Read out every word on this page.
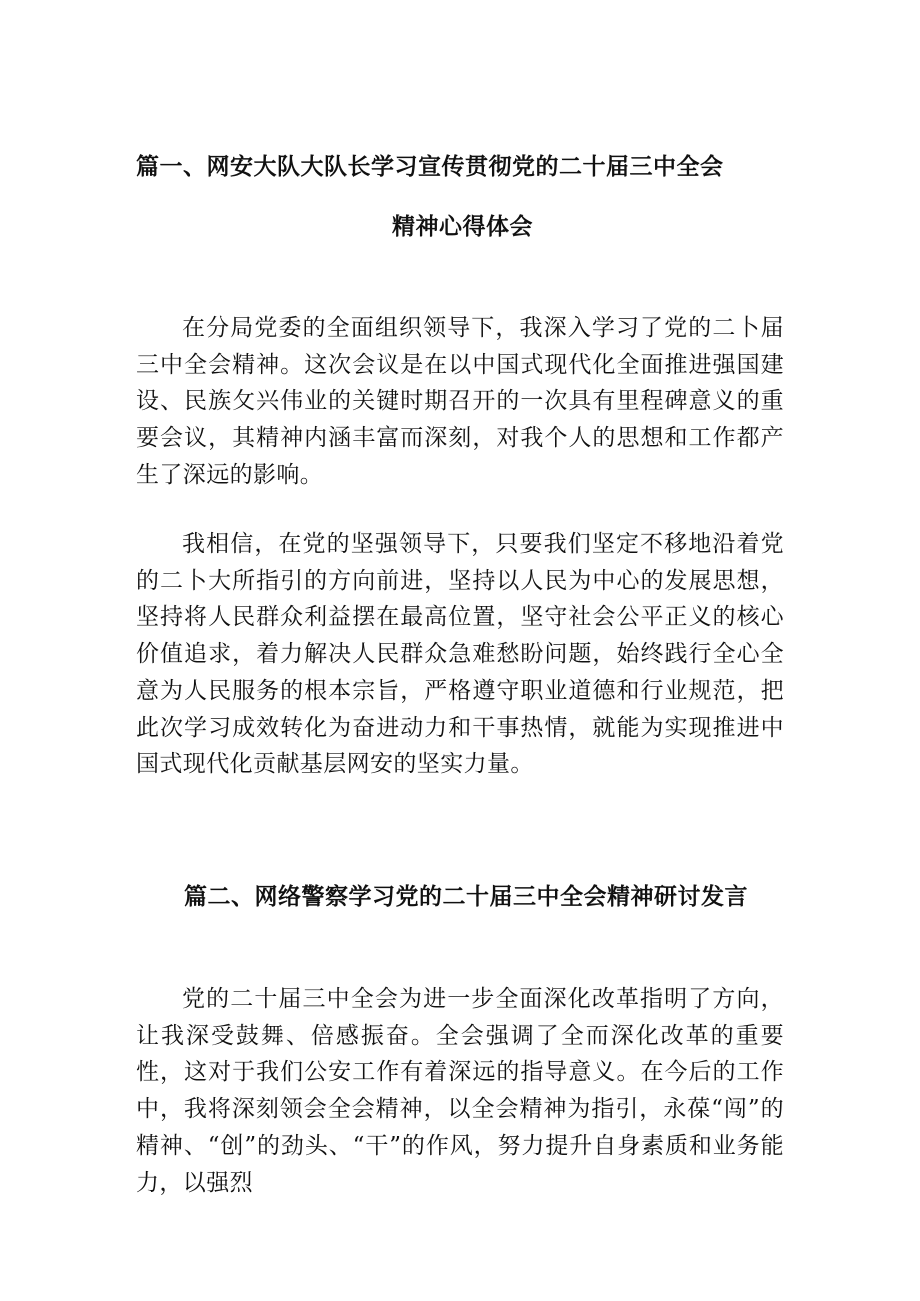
篇一、网安大队大队长学习宣传贯彻党的二十届三中全会
精神心得体会

在分局党委的全面组织领导下，我深入学习了党的二卜届三中全会精神。这次会议是在以中国式现代化全面推进强国建设、民族攵兴伟业的关键时期召开的一次具有里程碑意义的重要会议，其精神内涵丰富而深刻，对我个人的思想和工作都产生了深远的影响。

我相信，在党的坚强领导下，只要我们坚定不移地沿着党的二卜大所指引的方向前进，坚持以人民为中心的发展思想，坚持将人民群众利益摆在最高位置，坚守社会公平正义的核心价值追求，着力解决人民群众急难愁盼问题，始终践行全心全意为人民服务的根本宗旨，严格遵守职业道德和行业规范，把此次学习成效转化为奋进动力和干事热情，就能为实现推进中国式现代化贡献基层网安的坚实力量。

篇二、网络警察学习党的二十届三中全会精神研讨发言

党的二十届三中全会为进一步全面深化改革指明了方向，让我深受鼓舞、倍感振奋。全会强调了全而深化改革的重要性，这对于我们公安工作有着深远的指导意义。在今后的工作中，我将深刻领会全会精神，以全会精神为指引，永葆“闯”的精神、“创”的劲头、“干”的作风，努力提升自身素质和业务能力，以强烈
